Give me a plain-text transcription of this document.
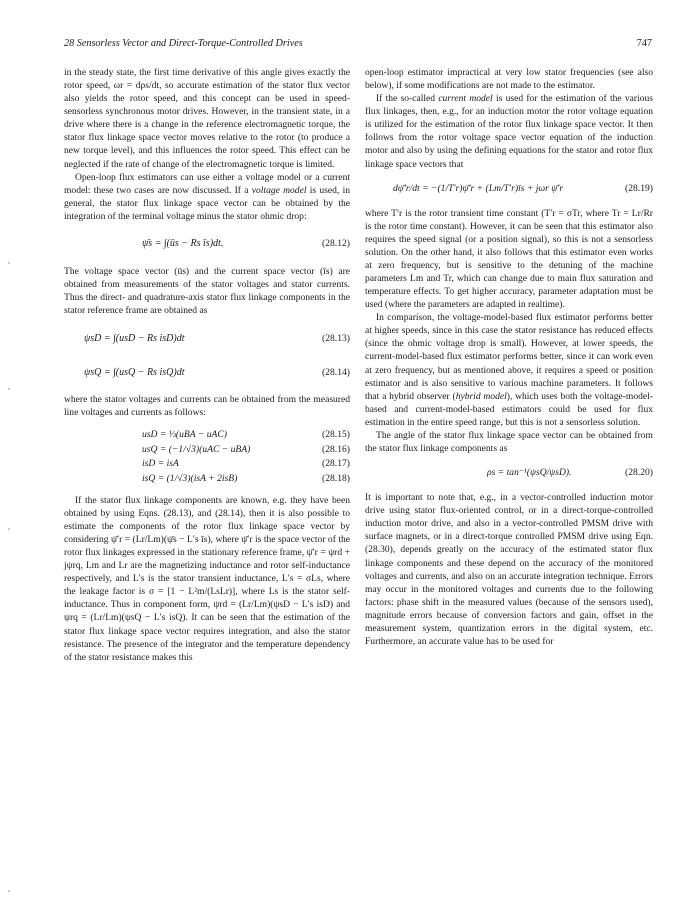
28 Sensorless Vector and Direct-Torque-Controlled Drives	747

in the steady state, the first time derivative of this angle gives exactly the rotor speed, ωr = dρs/dt, so accurate estimation of the stator flux vector also yields the rotor speed, and this concept can be used in speed-sensorless synchronous motor drives. However, in the transient state, in a drive where there is a change in the reference electromagnetic torque, the stator flux linkage space vector moves relative to the rotor (to produce a new torque level), and this influences the rotor speed. This effect can be neglected if the rate of change of the electromagnetic torque is limited.

Open-loop flux estimators can use either a voltage model or a current model: these two cases are now discussed. If a voltage model is used, in general, the stator flux linkage space vector can be obtained by the integration of the terminal voltage minus the stator ohmic drop:

ψ̄s = ∫(ūs − Rs īs)dt.	(28.12)

The voltage space vector (ūs) and the current space vector (īs) are obtained from measurements of the stator voltages and stator currents. Thus the direct- and quadrature-axis stator flux linkage components in the stator reference frame are obtained as

ψsD = ∫(usD − Rs isD)dt	(28.13)
ψsQ = ∫(usQ − Rs isQ)dt	(28.14)

where the stator voltages and currents can be obtained from the measured line voltages and currents as follows:

usD = ⅓(uBA − uAC)	(28.15)
usQ = (−1/√3)(uAC − uBA)	(28.16)
isD = isA	(28.17)
isQ = (1/√3)(isA + 2isB)	(28.18)

If the stator flux linkage components are known, e.g. they have been obtained by using Eqns. (28.13), and (28.14), then it is also possible to estimate the components of the rotor flux linkage space vector by considering ψ̄′r = (Lr/Lm)(ψ̄s − L′s īs), where ψ̄′r is the space vector of the rotor flux linkages expressed in the stationary reference frame, ψ̄′r = ψrd + jψrq, Lm and Lr are the magnetizing inductance and rotor self-inductance respectively, and L′s is the stator transient inductance, L′s = σLs, where the leakage factor is σ = [1 − L²m/(LsLr)], where Ls is the stator self-inductance. Thus in component form, ψrd = (Lr/Lm)(ψsD − L′s isD) and ψrq = (Lr/Lm)(ψsQ − L′s isQ). It can be seen that the estimation of the stator flux linkage space vector requires integration, and also the stator resistance. The presence of the integrator and the temperature dependency of the stator resistance makes this

open-loop estimator impractical at very low stator frequencies (see also below), if some modifications are not made to the estimator.

If the so-called current model is used for the estimation of the various flux linkages, then, e.g., for an induction motor the rotor voltage equation is utilized for the estimation of the rotor flux linkage space vector. It then follows from the rotor voltage space vector equation of the induction motor and also by using the defining equations for the stator and rotor flux linkage space vectors that

dψ̄′r/dt = −(1/T′r)ψ̄′r + (Lm/T′r)īs + jωr ψ̄′r	(28.19)

where T′r is the rotor transient time constant (T′r = σTr, where Tr = Lr/Rr is the rotor time constant). However, it can be seen that this estimator also requires the speed signal (or a position signal), so this is not a sensorless solution. On the other hand, it also follows that this estimator even works at zero frequency, but is sensitive to the detuning of the machine parameters Lm and Tr, which can change due to main flux saturation and temperature effects. To get higher accuracy, parameter adaptation must be used (where the parameters are adapted in realtime).

In comparison, the voltage-model-based flux estimator performs better at higher speeds, since in this case the stator resistance has reduced effects (since the ohmic voltage drop is small). However, at lower speeds, the current-model-based flux estimator performs better, since it can work even at zero frequency, but as mentioned above, it requires a speed or position estimator and is also sensitive to various machine parameters. It follows that a hybrid observer (hybrid model), which uses both the voltage-model-based and current-model-based estimators could be used for flux estimation in the entire speed range, but this is not a sensorless solution.

The angle of the stator flux linkage space vector can be obtained from the stator flux linkage components as

ρs = tan⁻¹(ψsQ/ψsD).	(28.20)

It is important to note that, e.g., in a vector-controlled induction motor drive using stator flux-oriented control, or in a direct-torque-controlled induction motor drive, and also in a vector-controlled PMSM drive with surface magnets, or in a direct-torque controlled PMSM drive using Eqn. (28.30), depends greatly on the accuracy of the estimated stator flux linkage components and these depend on the accuracy of the monitored voltages and currents, and also on an accurate integration technique. Errors may occur in the monitored voltages and currents due to the following factors: phase shift in the measured values (because of the sensors used), magnitude errors because of conversion factors and gain, offset in the measurement system, quantization errors in the digital system, etc. Furthermore, an accurate value has to be used for
